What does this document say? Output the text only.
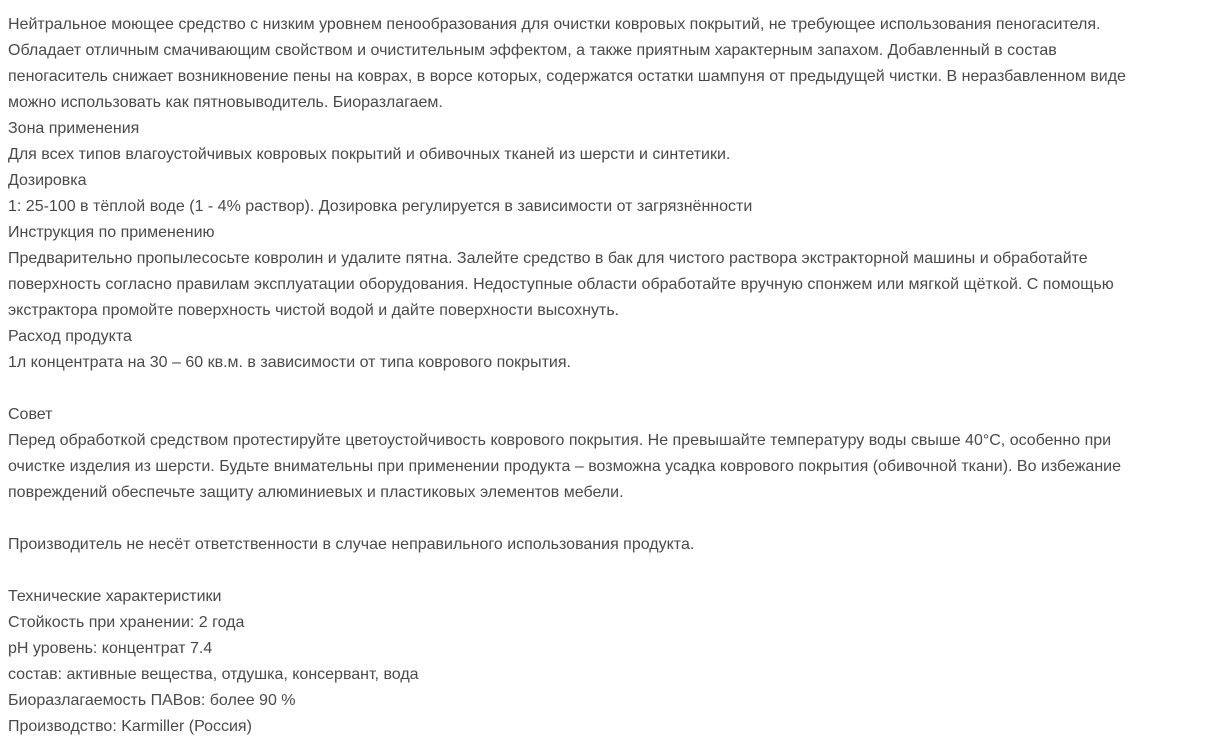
Нейтральное моющее средство с низким уровнем пенообразования для очистки ковровых покрытий, не требующее использования пеногасителя.

Обладает отличным смачивающим свойством и очистительным эффектом, а также приятным характерным запахом. Добавленный в состав

пеногаситель снижает возникновение пены на коврах, в ворсе которых, содержатся остатки шампуня от предыдущей чистки. В неразбавленном виде

можно использовать как пятновыводитель. Биоразлагаем.

Зона применения

Для всех типов влагоустойчивых ковровых покрытий и обивочных тканей из шерсти и синтетики.

Дозировка

1: 25-100 в тёплой воде (1 - 4% раствор). Дозировка регулируется в зависимости от загрязнённости

Инструкция по применению

Предварительно пропылесосьте ковролин и удалите пятна. Залейте средство в бак для чистого раствора экстракторной машины и обработайте

поверхность согласно правилам эксплуатации оборудования. Недоступные области обработайте вручную спонжем или мягкой щёткой. С помощью

экстрактора промойте поверхность чистой водой и дайте поверхности высохнуть.

Расход продукта

1л концентрата на 30 – 60 кв.м. в зависимости от типа коврового покрытия.

Совет

Перед обработкой средством протестируйте цветоустойчивость коврового покрытия. Не превышайте температуру воды свыше 40°C, особенно при

очистке изделия из шерсти. Будьте внимательны при применении продукта – возможна усадка коврового покрытия (обивочной ткани). Во избежание

повреждений обеспечьте защиту алюминиевых и пластиковых элементов мебели.

Производитель не несёт ответственности в случае неправильного использования продукта.

Технические характеристики

Стойкость при хранении: 2 года

pH уровень: концентрат 7.4

состав: активные вещества, отдушка, консервант, вода

Биоразлагаемость ПАВов: более 90 %

Производство: Karmiller (Россия)
